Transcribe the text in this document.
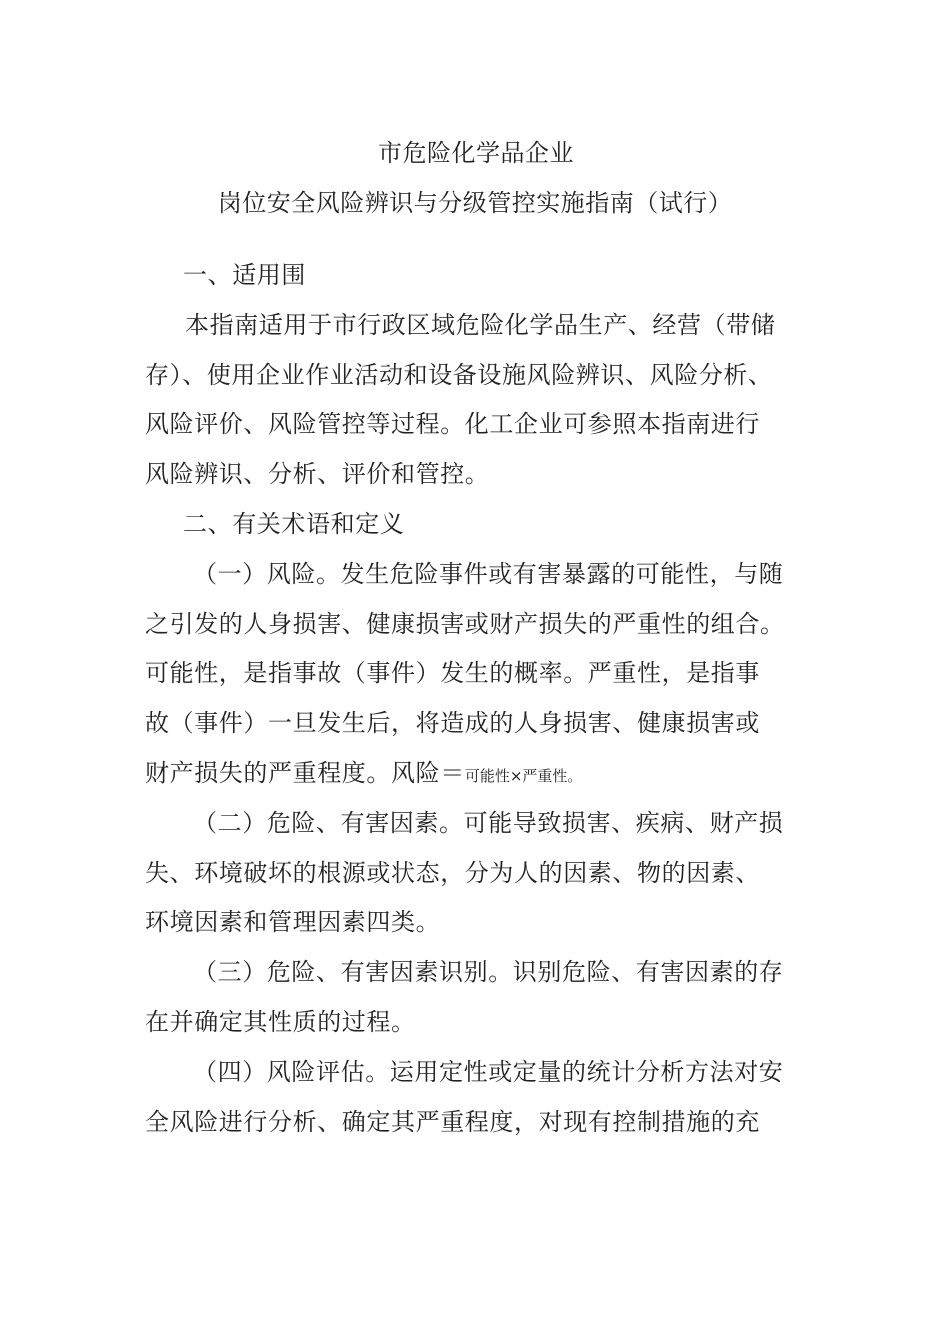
市危险化学品企业
岗位安全风险辨识与分级管控实施指南（试行）
一、适用围
本指南适用于市行政区域危险化学品生产、经营（带储
存）、使用企业作业活动和设备设施风险辨识、风险分析、
风险评价、风险管控等过程。化工企业可参照本指南进行
风险辨识、分析、评价和管控。
二、有关术语和定义
（一）风险。发生危险事件或有害暴露的可能性，与随
之引发的人身损害、健康损害或财产损失的严重性的组合。
可能性，是指事故（事件）发生的概率。严重性，是指事
故（事件）一旦发生后，将造成的人身损害、健康损害或
财产损失的严重程度。风险＝可能性×严重性。
（二）危险、有害因素。可能导致损害、疾病、财产损
失、环境破坏的根源或状态，分为人的因素、物的因素、
环境因素和管理因素四类。
（三）危险、有害因素识别。识别危险、有害因素的存
在并确定其性质的过程。
（四）风险评估。运用定性或定量的统计分析方法对安
全风险进行分析、确定其严重程度，对现有控制措施的充
